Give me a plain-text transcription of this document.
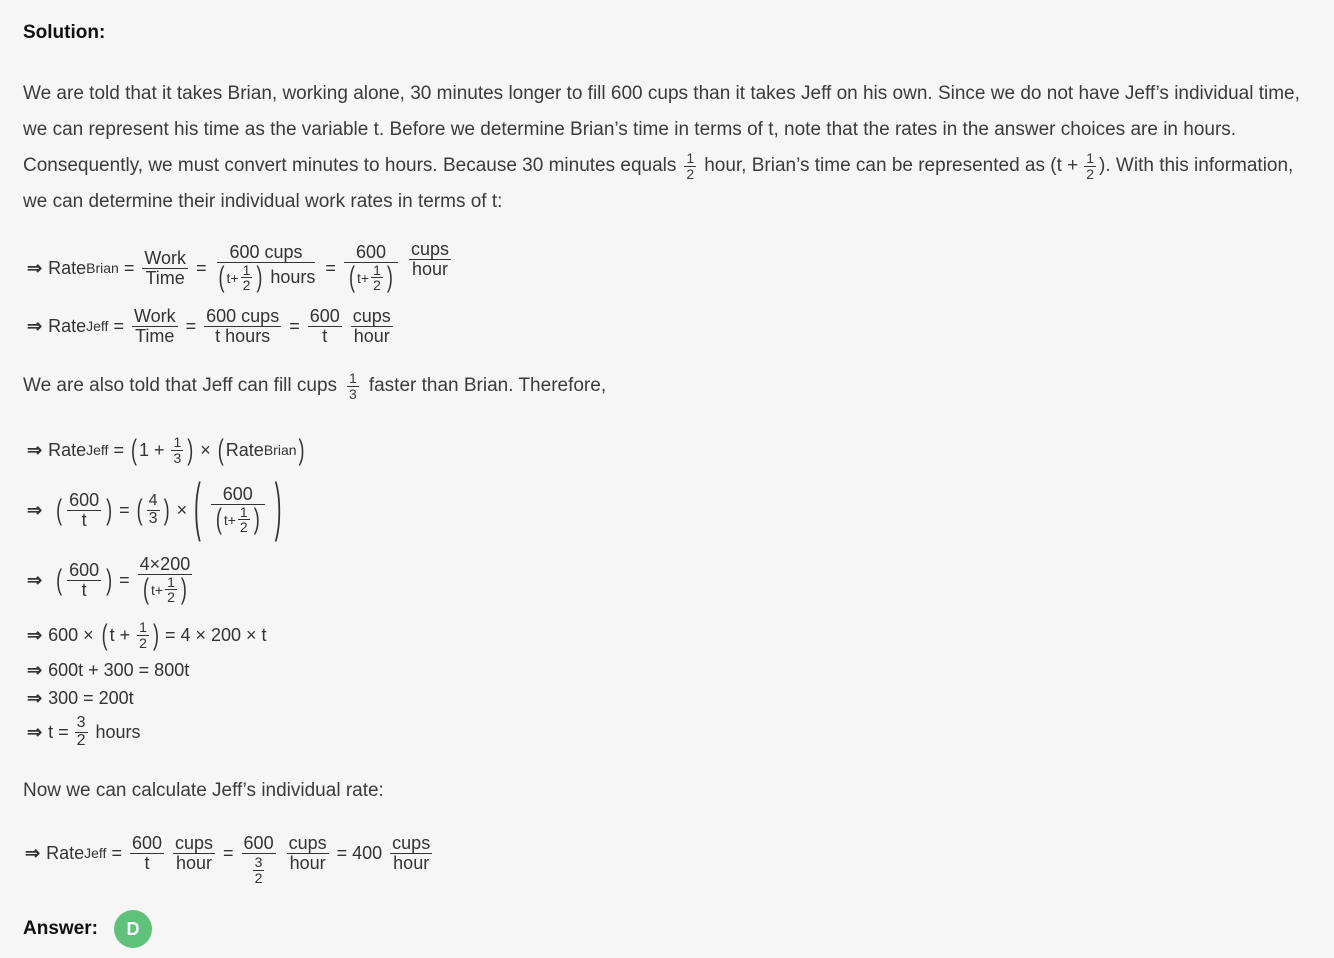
Solution:
We are told that it takes Brian, working alone, 30 minutes longer to fill 600 cups than it takes Jeff on his own. Since we do not have Jeff’s individual time,
we can represent his time as the variable t. Before we determine Brian’s time in terms of t, note that the rates in the answer choices are in hours.
Consequently, we must convert minutes to hours. Because 30 minutes equals $\frac{1}{2}$ hour, Brian’s time can be represented as ($t + \frac{1}{2}$ ). With this information,
we can determine their individual work rates in terms of t:
⇒ Rate Brian = $\frac{\text{Work}}{\text{Time}} = \frac{\text{600 cups}}{( t+ \frac{1}{2} ) hours} = \frac{600}{( t+ \frac{1}{2} )} \frac{\text{cups}}{\text{hour}}$
⇒ Rate Jeff = $\frac{\text{Work}}{\text{Time}} = \frac{\text{600 cups}}{\text{t hours}} = \frac{600}{t} \frac{\text{cups}}{\text{hour}}$
We are also told that Jeff can fill cups $\frac{1}{3}$ faster than Brian. Therefore,
⇒ Rate Jeff = ( $1 + \frac{1}{3}$ ) × ( Rate Brian )
⇒ ( $\frac{600}{t}$ ) = ( $\frac{4}{3}$ ) × ( $\frac{600}{( t+ \frac{1}{2} )}$ )
⇒ ( $\frac{600}{t}$ ) = $\frac{4\times 200}{( t+ \frac{1}{2} )}$
⇒ 600 × ( $t + \frac{1}{2}$ ) = 4 × 200 × t
⇒ 600t + 300 = 800t
⇒ 300 = 200t
⇒ $t = \frac{3}{2}$ hours
Now we can calculate Jeff’s individual rate:
⇒ Rate Jeff = $\frac{600}{t} \frac{\text{cups}}{\text{hour}} = \frac{600}{\frac{3}{2}} \frac{\text{cups}}{\text{hour}} = 400 \frac{\text{cups}}{\text{hour}}$
Answer:	D
